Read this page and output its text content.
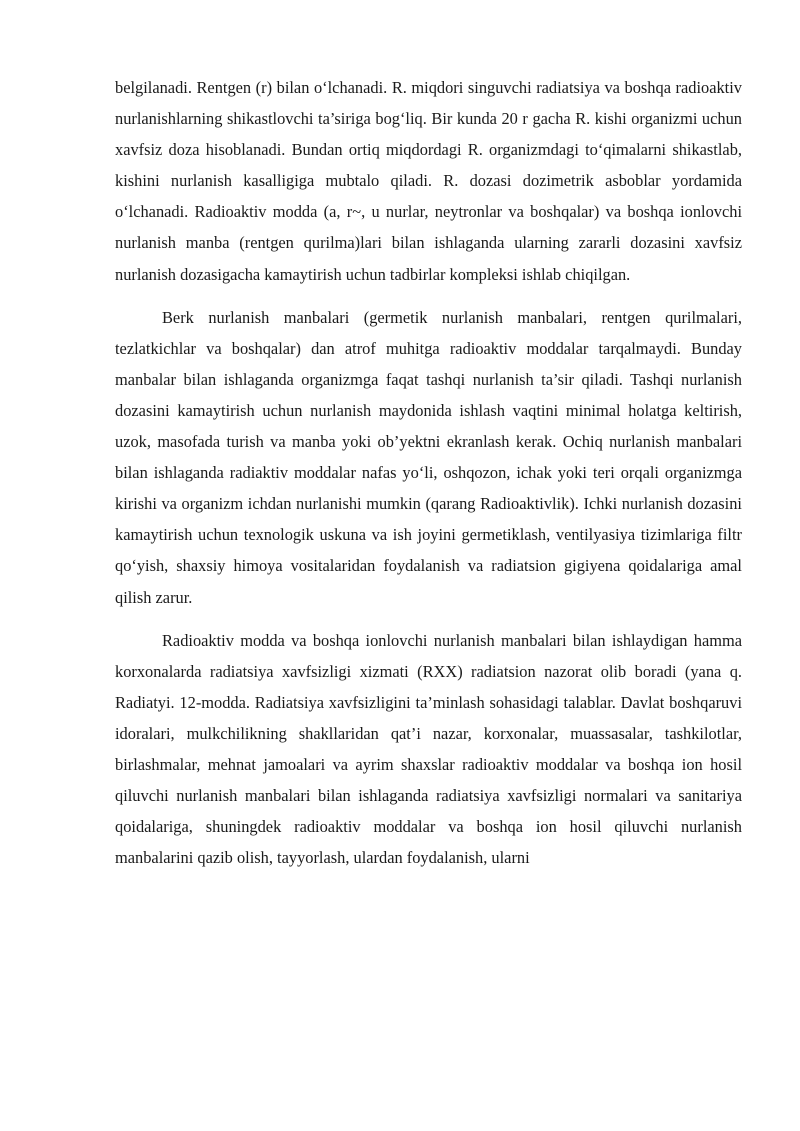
belgilanadi. Rentgen (r) bilan o‘lchanadi. R. miqdori singuvchi radiatsiya va boshqa radioaktiv nurlanishlarning shikastlovchi ta’siriga bog‘liq. Bir kunda 20 r gacha R. kishi organizmi uchun xavfsiz doza hisoblanadi. Bundan ortiq miqdordagi R. organizmdagi to‘qimalarni shikastlab, kishini nurlanish kasalligiga mubtalo qiladi. R. dozasi dozimetrik asboblar yordamida o‘lchanadi. Radioaktiv modda (a, r~, u nurlar, neytronlar va boshqalar) va boshqa ionlovchi nurlanish manba (rentgen qurilma)lari bilan ishlaganda ularning zararli dozasini xavfsiz nurlanish dozasigacha kamaytirish uchun tadbirlar kompleksi ishlab chiqilgan.

Berk nurlanish manbalari (germetik nurlanish manbalari, rentgen qurilmalari, tezlatkichlar va boshqalar) dan atrof muhitga radioaktiv moddalar tarqalmaydi. Bunday manbalar bilan ishlaganda organizmga faqat tashqi nurlanish ta’sir qiladi. Tashqi nurlanish dozasini kamaytirish uchun nurlanish maydonida ishlash vaqtini minimal holatga keltirish, uzok, masofada turish va manba yoki ob’yektni ekranlash kerak. Ochiq nurlanish manbalari bilan ishlaganda radiaktiv moddalar nafas yo‘li, oshqozon, ichak yoki teri orqali organizmga kirishi va organizm ichdan nurlanishi mumkin (qarang Radioaktivlik). Ichki nurlanish dozasini kamaytirish uchun texnologik uskuna va ish joyini germetiklash, ventilyasiya tizimlariga filtr qo‘yish, shaxsiy himoya vositalaridan foydalanish va radiatsion gigiyena qoidalariga amal qilish zarur.

Radioaktiv modda va boshqa ionlovchi nurlanish manbalari bilan ishlaydigan hamma korxonalarda radiatsiya xavfsizligi xizmati (RXX) radiatsion nazorat olib boradi (yana q. Radiatyi. 12-modda. Radiatsiya xavfsizligini ta’minlash sohasidagi talablar. Davlat boshqaruvi idoralari, mulkchilikning shakllaridan qat’i nazar, korxonalar, muassasalar, tashkilotlar, birlashmalar, mehnat jamoalari va ayrim shaxslar radioaktiv moddalar va boshqa ion hosil qiluvchi nurlanish manbalari bilan ishlaganda radiatsiya xavfsizligi normalari va sanitariya qoidalariga, shuningdek radioaktiv moddalar va boshqa ion hosil qiluvchi nurlanish manbalarini qazib olish, tayyorlash, ulardan foydalanish, ularni
